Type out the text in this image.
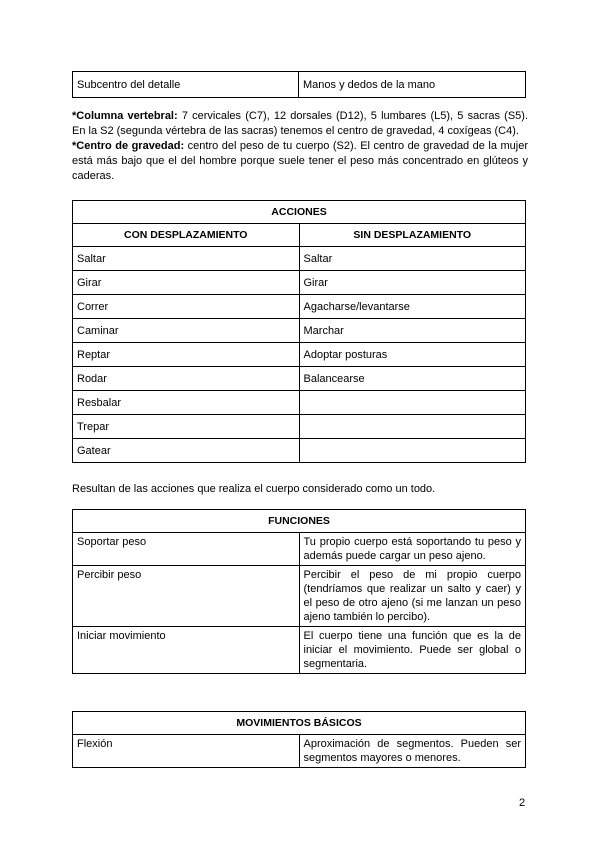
Subcentro del detalle	Manos y dedos de la mano
*Columna vertebral: 7 cervicales (C7), 12 dorsales (D12), 5 lumbares (L5), 5 sacras (S5). En la S2 (segunda vértebra de las sacras) tenemos el centro de gravedad, 4 coxígeas (C4).
*Centro de gravedad: centro del peso de tu cuerpo (S2). El centro de gravedad de la mujer está más bajo que el del hombre porque suele tener el peso más concentrado en glúteos y caderas.
ACCIONES	
CON DESPLAZAMIENTO	SIN DESPLAZAMIENTO
Saltar	Saltar
Girar	Girar
Correr	Agacharse/levantarse
Caminar	Marchar
Reptar	Adoptar posturas
Rodar	Balancearse
Resbalar	
Trepar	
Gatear	
Resultan de las acciones que realiza el cuerpo considerado como un todo.
FUNCIONES	
Soportar peso	Tu propio cuerpo está soportando tu peso y además puede cargar un peso ajeno.
Percibir peso	Percibir el peso de mi propio cuerpo (tendríamos que realizar un salto y caer) y el peso de otro ajeno (si me lanzan un peso ajeno también lo percibo).
Iniciar movimiento	El cuerpo tiene una función que es la de iniciar el movimiento. Puede ser global o segmentaria.
MOVIMIENTOS BÁSICOS
Flexión	Aproximación de segmentos. Pueden ser segmentos mayores o menores.
2
